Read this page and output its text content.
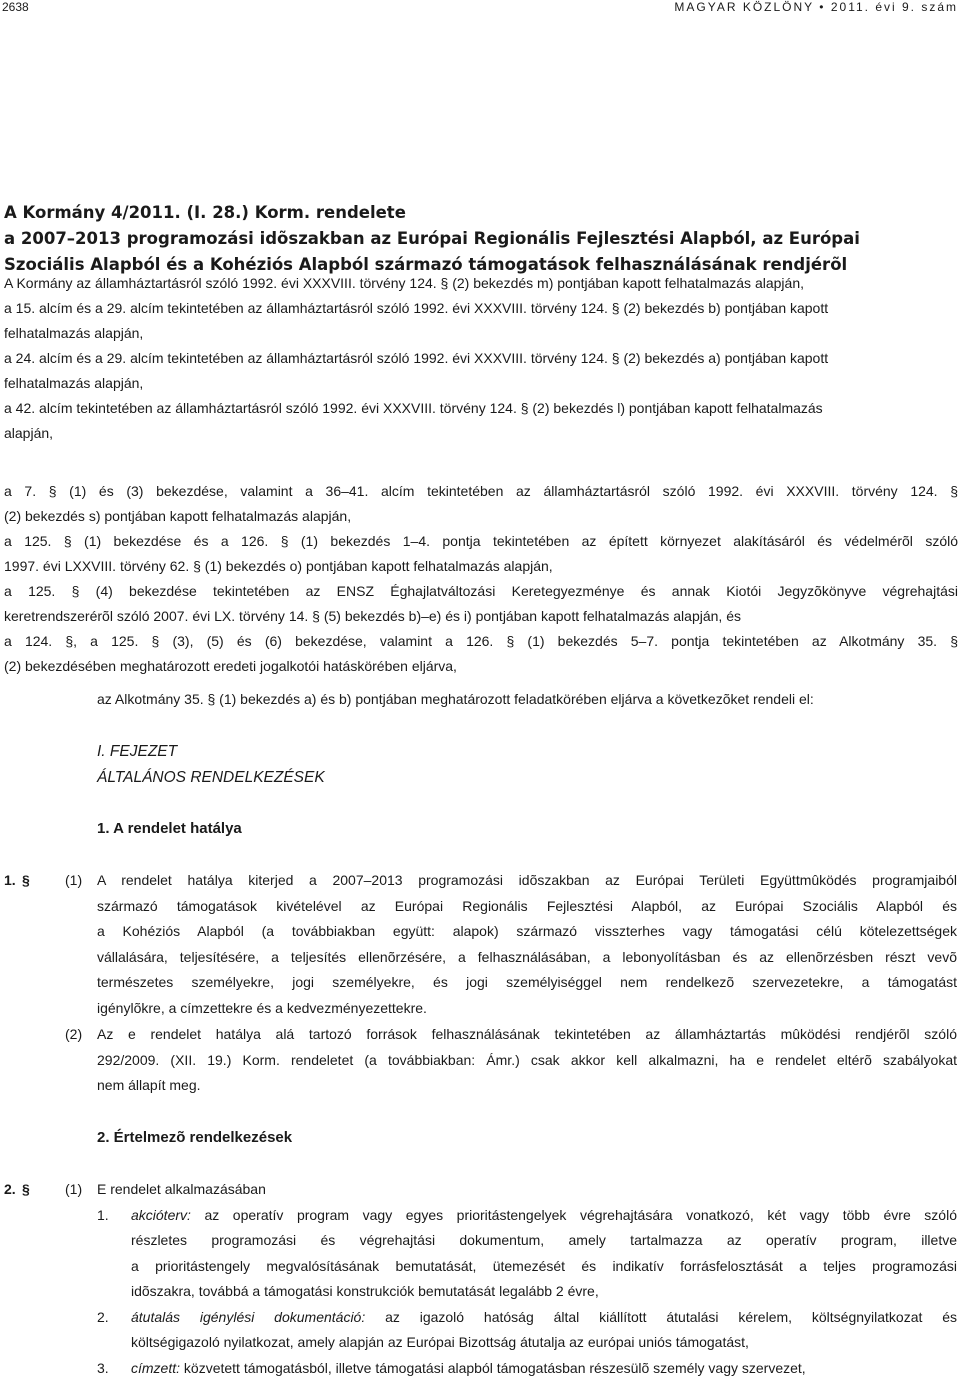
2638	MAGYAR KÖZLÖNY • 2011. évi 9. szám
A Kormány 4/2011. (I. 28.) Korm. rendelete
a 2007–2013 programozási idõszakban az Európai Regionális Fejlesztési Alapból, az Európai
Szociális Alapból és a Kohéziós Alapból származó támogatások felhasználásának rendjérõl
A Kormány az államháztartásról szóló 1992. évi XXXVIII. törvény 124. § (2) bekezdés m) pontjában kapott felhatalmazás alapján,
a 15. alcím és a 29. alcím tekintetében az államháztartásról szóló 1992. évi XXXVIII. törvény 124. § (2) bekezdés b) pontjában kapott
felhatalmazás alapján,
a 24. alcím és a 29. alcím tekintetében az államháztartásról szóló 1992. évi XXXVIII. törvény 124. § (2) bekezdés a) pontjában kapott
felhatalmazás alapján,
a 42. alcím tekintetében az államháztartásról szóló 1992. évi XXXVIII. törvény 124. § (2) bekezdés l) pontjában kapott felhatalmazás
alapján,
a 7. § (1) és (3) bekezdése, valamint a 36–41. alcím tekintetében az államháztartásról szóló 1992. évi XXXVIII. törvény 124. §
(2) bekezdés s) pontjában kapott felhatalmazás alapján,
a 125. § (1) bekezdése és a 126. § (1) bekezdés 1–4. pontja tekintetében az épített környezet alakításáról és védelmérõl szóló
1997. évi LXXVIII. törvény 62. § (1) bekezdés o) pontjában kapott felhatalmazás alapján,
a 125. § (4) bekezdése tekintetében az ENSZ Éghajlatváltozási Keretegyezménye és annak Kiotói Jegyzõkönyve végrehajtási
keretrendszerérõl szóló 2007. évi LX. törvény 14. § (5) bekezdés b)–e) és i) pontjában kapott felhatalmazás alapján, és
a 124. §, a 125. § (3), (5) és (6) bekezdése, valamint a 126. § (1) bekezdés 5–7. pontja tekintetében az Alkotmány 35. §
(2) bekezdésében meghatározott eredeti jogalkotói hatáskörében eljárva,
az Alkotmány 35. § (1) bekezdés a) és b) pontjában meghatározott feladatkörében eljárva a következõket rendeli el:
I. FEJEZET
ÁLTALÁNOS RENDELKEZÉSEK
1. A rendelet hatálya
1. §	(1) A rendelet hatálya kiterjed a 2007–2013 programozási idõszakban az Európai Területi Együttmûködés programjaiból
származó támogatások kivételével az Európai Regionális Fejlesztési Alapból, az Európai Szociális Alapból és
a Kohéziós Alapból (a továbbiakban együtt: alapok) származó visszterhes vagy támogatási célú kötelezettségek
vállalására, teljesítésére, a teljesítés ellenõrzésére, a felhasználásában, a lebonyolításban és az ellenõrzésben részt vevõ
természetes személyekre, jogi személyekre, és jogi személyiséggel nem rendelkezõ szervezetekre, a támogatást
igénylõkre, a címzettekre és a kedvezményezettekre.
(2) Az e rendelet hatálya alá tartozó források felhasználásának tekintetében az államháztartás mûködési rendjérõl szóló
292/2009. (XII. 19.) Korm. rendeletet (a továbbiakban: Ámr.) csak akkor kell alkalmazni, ha e rendelet eltérõ szabályokat
nem állapít meg.
2. Értelmezõ rendelkezések
2. §	(1) E rendelet alkalmazásában
1. akcióterv: az operatív program vagy egyes prioritástengelyek végrehajtására vonatkozó, két vagy több évre szóló
részletes programozási és végrehajtási dokumentum, amely tartalmazza az operatív program, illetve
a prioritástengely megvalósításának bemutatását, ütemezését és indikatív forrásfelosztását a teljes programozási
idõszakra, továbbá a támogatási konstrukciók bemutatását legalább 2 évre,
2. átutalás igénylési dokumentáció: az igazoló hatóság által kiállított átutalási kérelem, költségnyilatkozat és
költségigazoló nyilatkozat, amely alapján az Európai Bizottság átutalja az európai uniós támogatást,
3. címzett: közvetett támogatásból, illetve támogatási alapból támogatásban részesülõ személy vagy szervezet,
